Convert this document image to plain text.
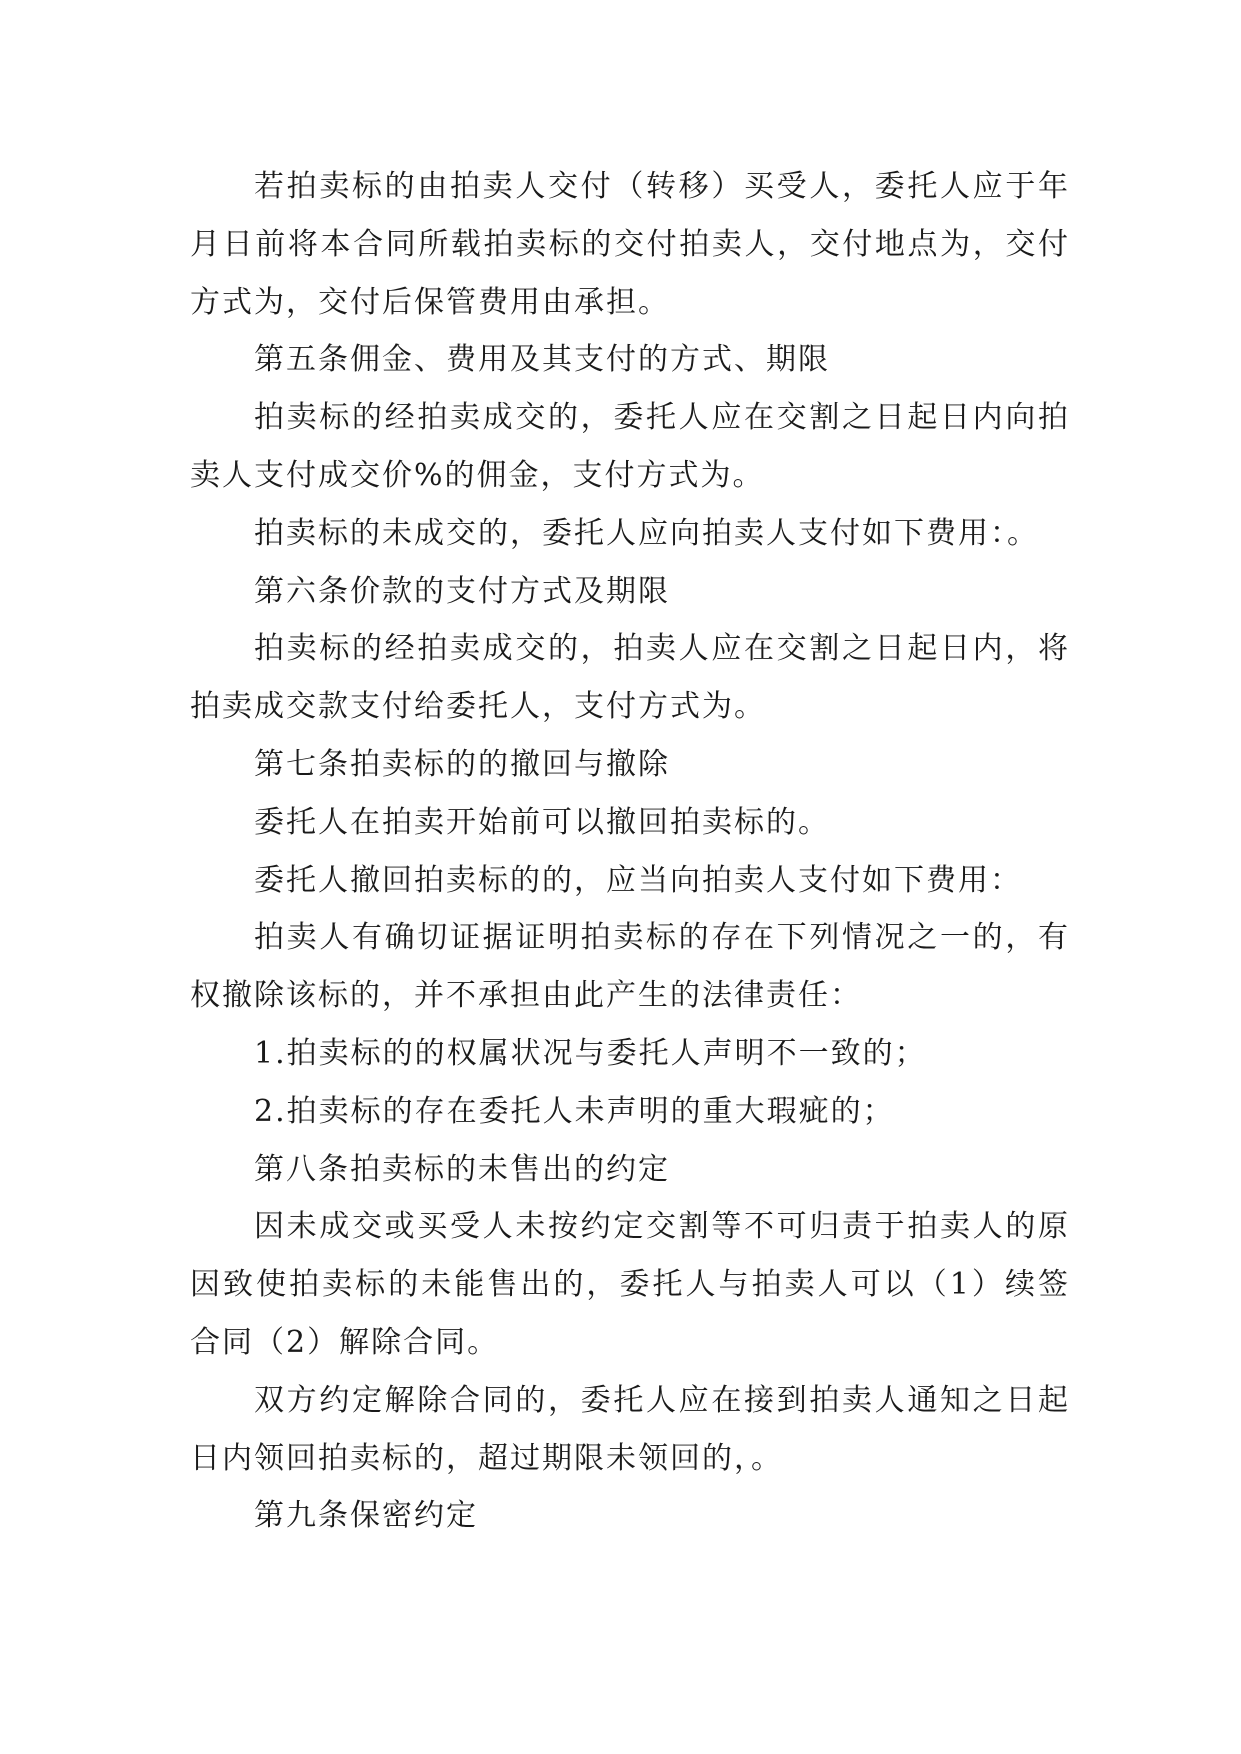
若拍卖标的由拍卖人交付（转移）买受人，委托人应于年月日前将本合同所载拍卖标的交付拍卖人，交付地点为，交付方式为，交付后保管费用由承担。

第五条佣金、费用及其支付的方式、期限

拍卖标的经拍卖成交的，委托人应在交割之日起日内向拍卖人支付成交价%的佣金，支付方式为。

拍卖标的未成交的，委托人应向拍卖人支付如下费用：。

第六条价款的支付方式及期限

拍卖标的经拍卖成交的，拍卖人应在交割之日起日内，将拍卖成交款支付给委托人，支付方式为。

第七条拍卖标的的撤回与撤除

委托人在拍卖开始前可以撤回拍卖标的。

委托人撤回拍卖标的的，应当向拍卖人支付如下费用：

拍卖人有确切证据证明拍卖标的存在下列情况之一的，有权撤除该标的，并不承担由此产生的法律责任：

1.拍卖标的的权属状况与委托人声明不一致的；

2.拍卖标的存在委托人未声明的重大瑕疵的；

第八条拍卖标的未售出的约定

因未成交或买受人未按约定交割等不可归责于拍卖人的原因致使拍卖标的未能售出的，委托人与拍卖人可以（1）续签合同（2）解除合同。

双方约定解除合同的，委托人应在接到拍卖人通知之日起日内领回拍卖标的，超过期限未领回的，。

第九条保密约定
